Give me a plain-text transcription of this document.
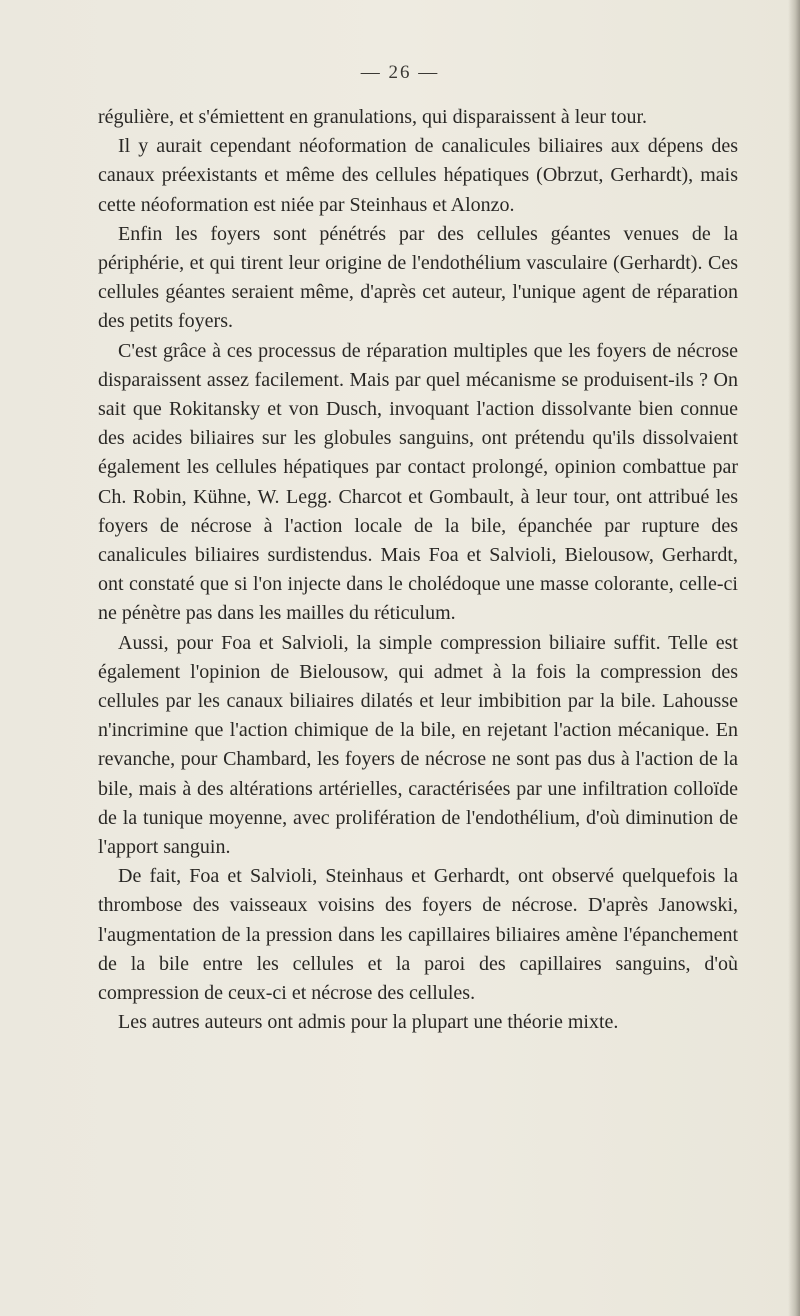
— 26 —

régulière, et s'émiettent en granulations, qui disparaissent à leur tour.

Il y aurait cependant néoformation de canalicules biliaires aux dépens des canaux préexistants et même des cellules hépatiques (Obrzut, Gerhardt), mais cette néoformation est niée par Steinhaus et Alonzo.

Enfin les foyers sont pénétrés par des cellules géantes venues de la périphérie, et qui tirent leur origine de l'endothélium vasculaire (Gerhardt). Ces cellules géantes seraient même, d'après cet auteur, l'unique agent de réparation des petits foyers.

C'est grâce à ces processus de réparation multiples que les foyers de nécrose disparaissent assez facilement. Mais par quel mécanisme se produisent-ils ? On sait que Rokitansky et von Dusch, invoquant l'action dissolvante bien connue des acides biliaires sur les globules sanguins, ont prétendu qu'ils dissolvaient également les cellules hépatiques par contact prolongé, opinion combattue par Ch. Robin, Kühne, W. Legg. Charcot et Gombault, à leur tour, ont attribué les foyers de nécrose à l'action locale de la bile, épanchée par rupture des canalicules biliaires surdistendus. Mais Foa et Salvioli, Bielousow, Gerhardt, ont constaté que si l'on injecte dans le cholédoque une masse colorante, celle-ci ne pénètre pas dans les mailles du réticulum.

Aussi, pour Foa et Salvioli, la simple compression biliaire suffit. Telle est également l'opinion de Bielousow, qui admet à la fois la compression des cellules par les canaux biliaires dilatés et leur imbibition par la bile. Lahousse n'incrimine que l'action chimique de la bile, en rejetant l'action mécanique. En revanche, pour Chambard, les foyers de nécrose ne sont pas dus à l'action de la bile, mais à des altérations artérielles, caractérisées par une infiltration colloïde de la tunique moyenne, avec prolifération de l'endothélium, d'où diminution de l'apport sanguin.

De fait, Foa et Salvioli, Steinhaus et Gerhardt, ont observé quelquefois la thrombose des vaisseaux voisins des foyers de nécrose. D'après Janowski, l'augmentation de la pression dans les capillaires biliaires amène l'épanchement de la bile entre les cellules et la paroi des capillaires sanguins, d'où compression de ceux-ci et nécrose des cellules.

Les autres auteurs ont admis pour la plupart une théorie mixte.
